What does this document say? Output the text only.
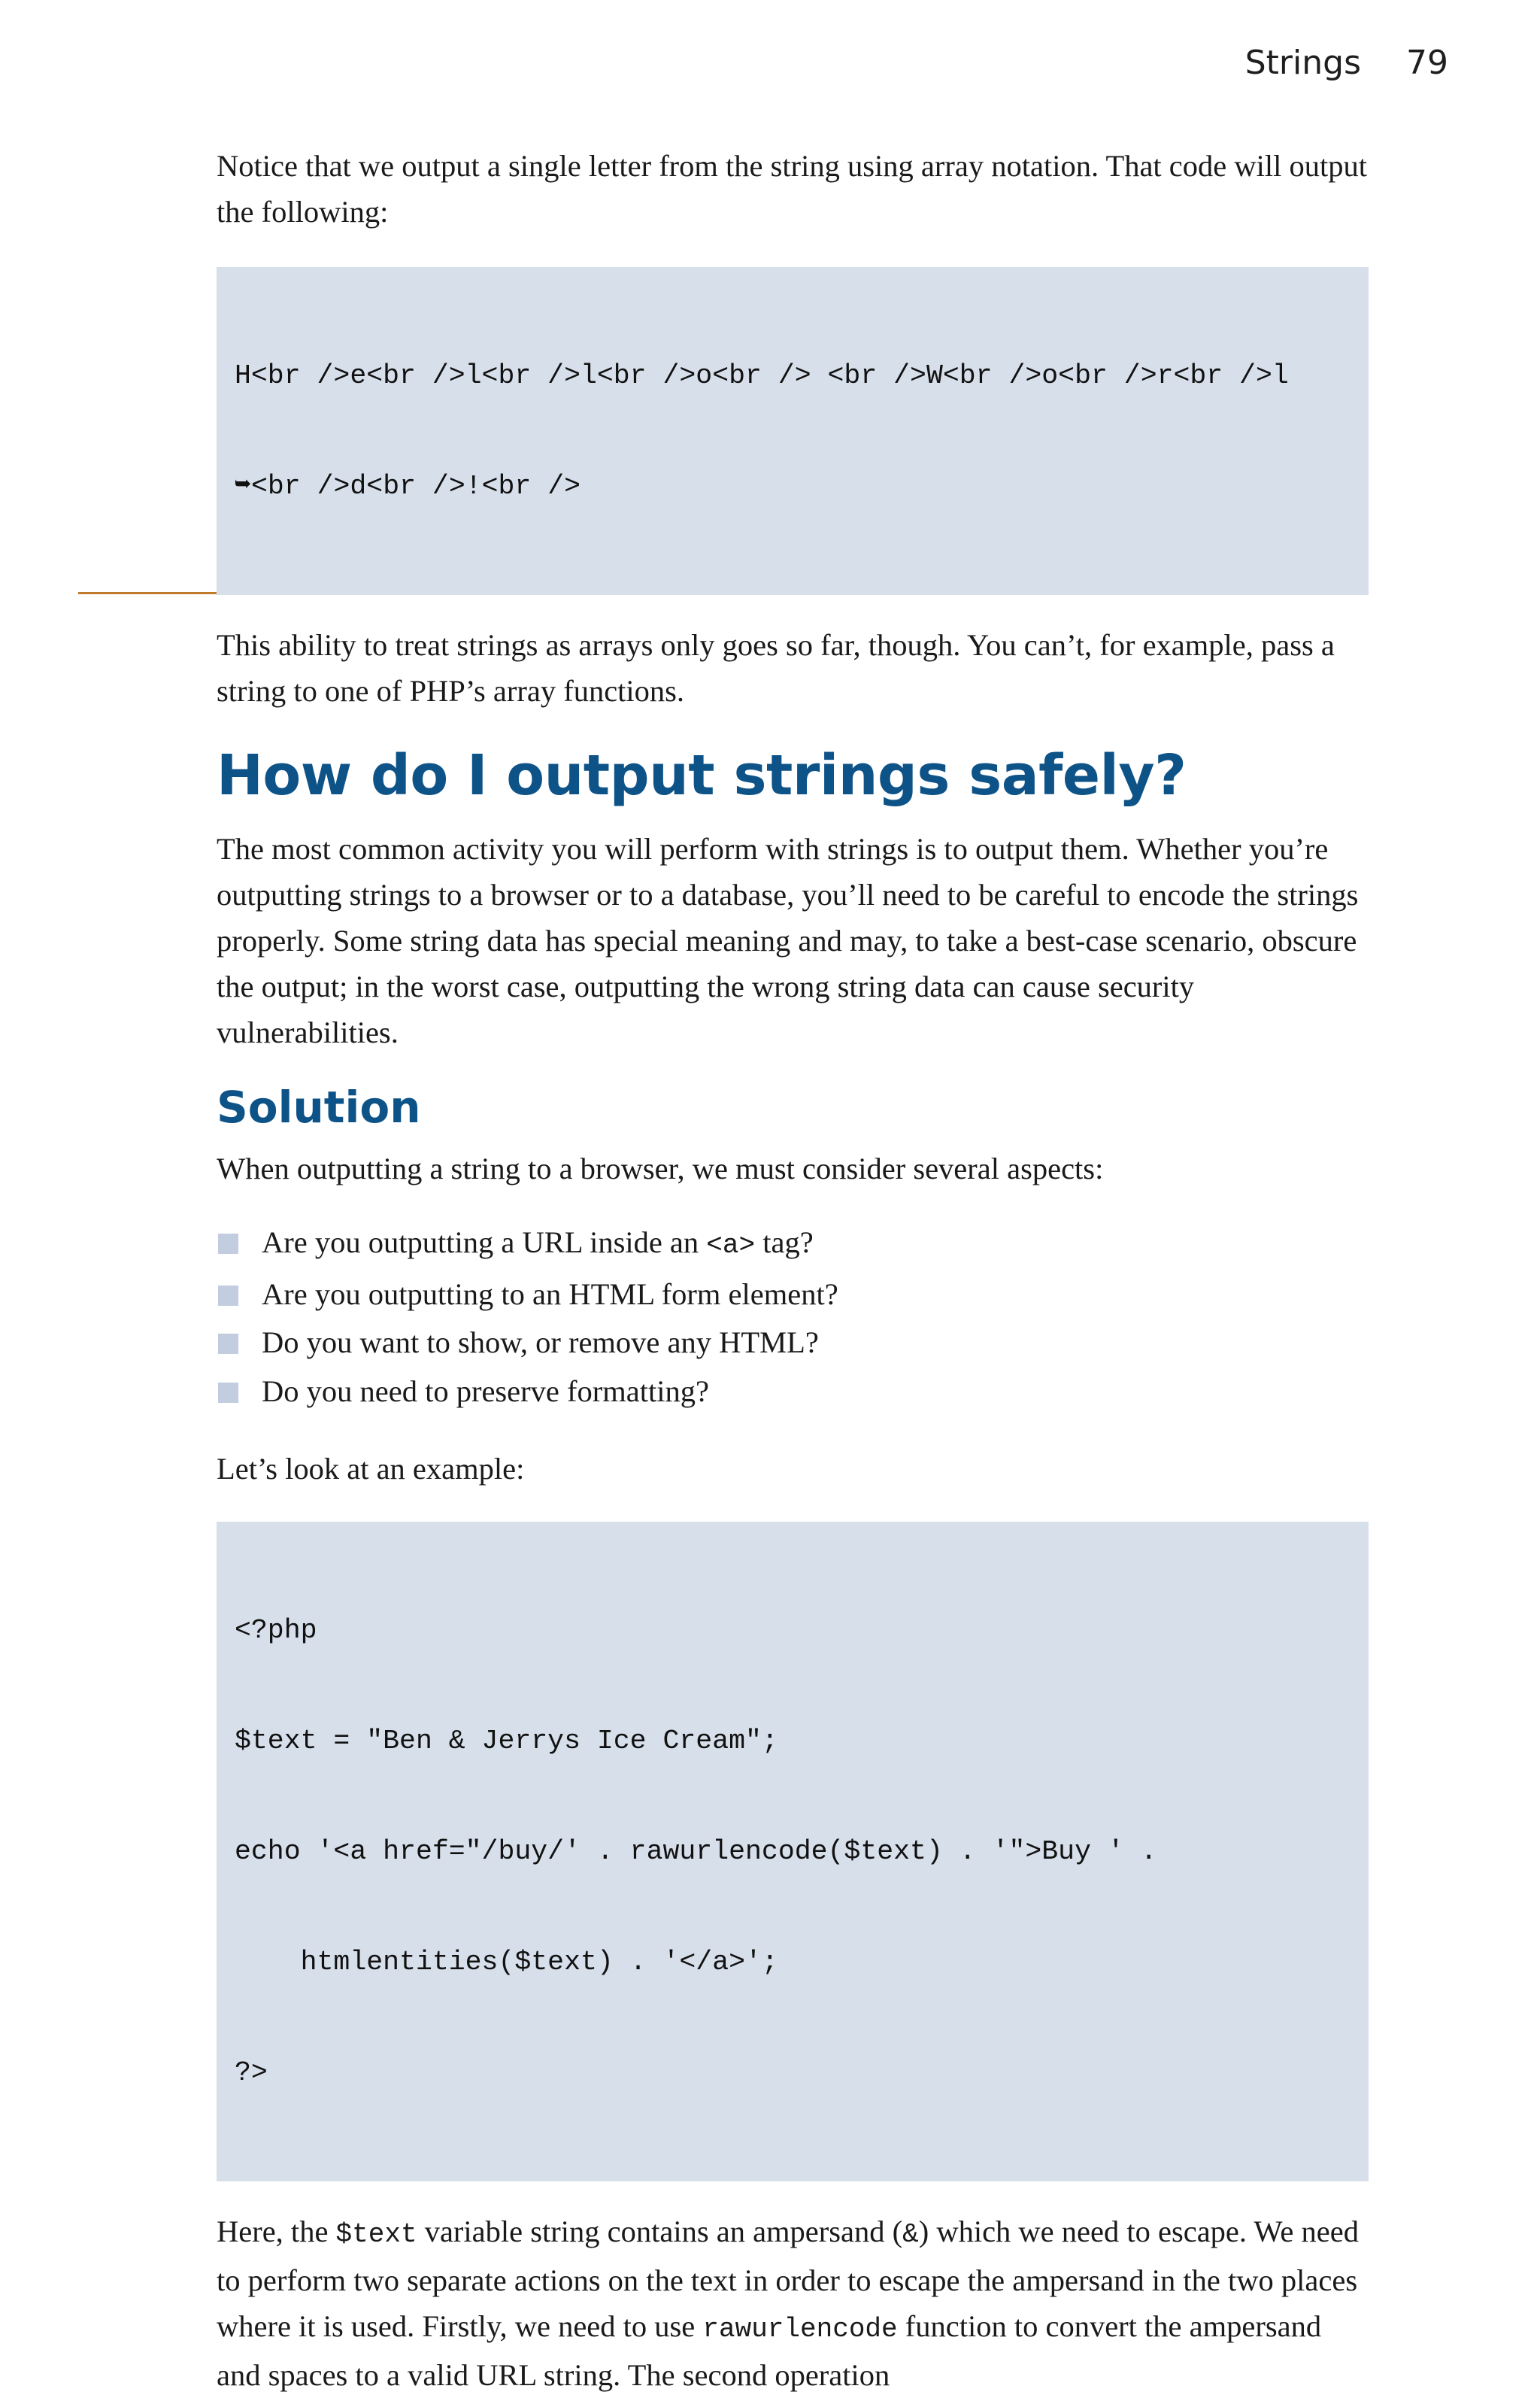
Strings 79

Notice that we output a single letter from the string using array notation. That code will output the following:

H<br />e<br />l<br />l<br />o<br /> <br />W<br />o<br />r<br />l

➥<br />d<br />!<br />

This ability to treat strings as arrays only goes so far, though. You can’t, for example, pass a string to one of PHP’s array functions.

How do I output strings safely?

The most common activity you will perform with strings is to output them. Whether you’re outputting strings to a browser or to a database, you’ll need to be careful to encode the strings properly. Some string data has special meaning and may, to take a best-case scenario, obscure the output; in the worst case, outputting the wrong string data can cause security vulnerabilities.

Solution

When outputting a string to a browser, we must consider several aspects:

Are you outputting a URL inside an <a> tag?
Are you outputting to an HTML form element?
Do you want to show, or remove any HTML?
Do you need to preserve formatting?

Let’s look at an example:

<?php

$text = "Ben & Jerrys Ice Cream";

echo '<a href="/buy/' . rawurlencode($text) . '">Buy ' .

htmlentities($text) . '</a>';

?>

Here, the $text variable string contains an ampersand (&) which we need to escape. We need to perform two separate actions on the text in order to escape the ampersand in the two places where it is used. Firstly, we need to use rawurlencode function to convert the ampersand and spaces to a valid URL string. The second operation
